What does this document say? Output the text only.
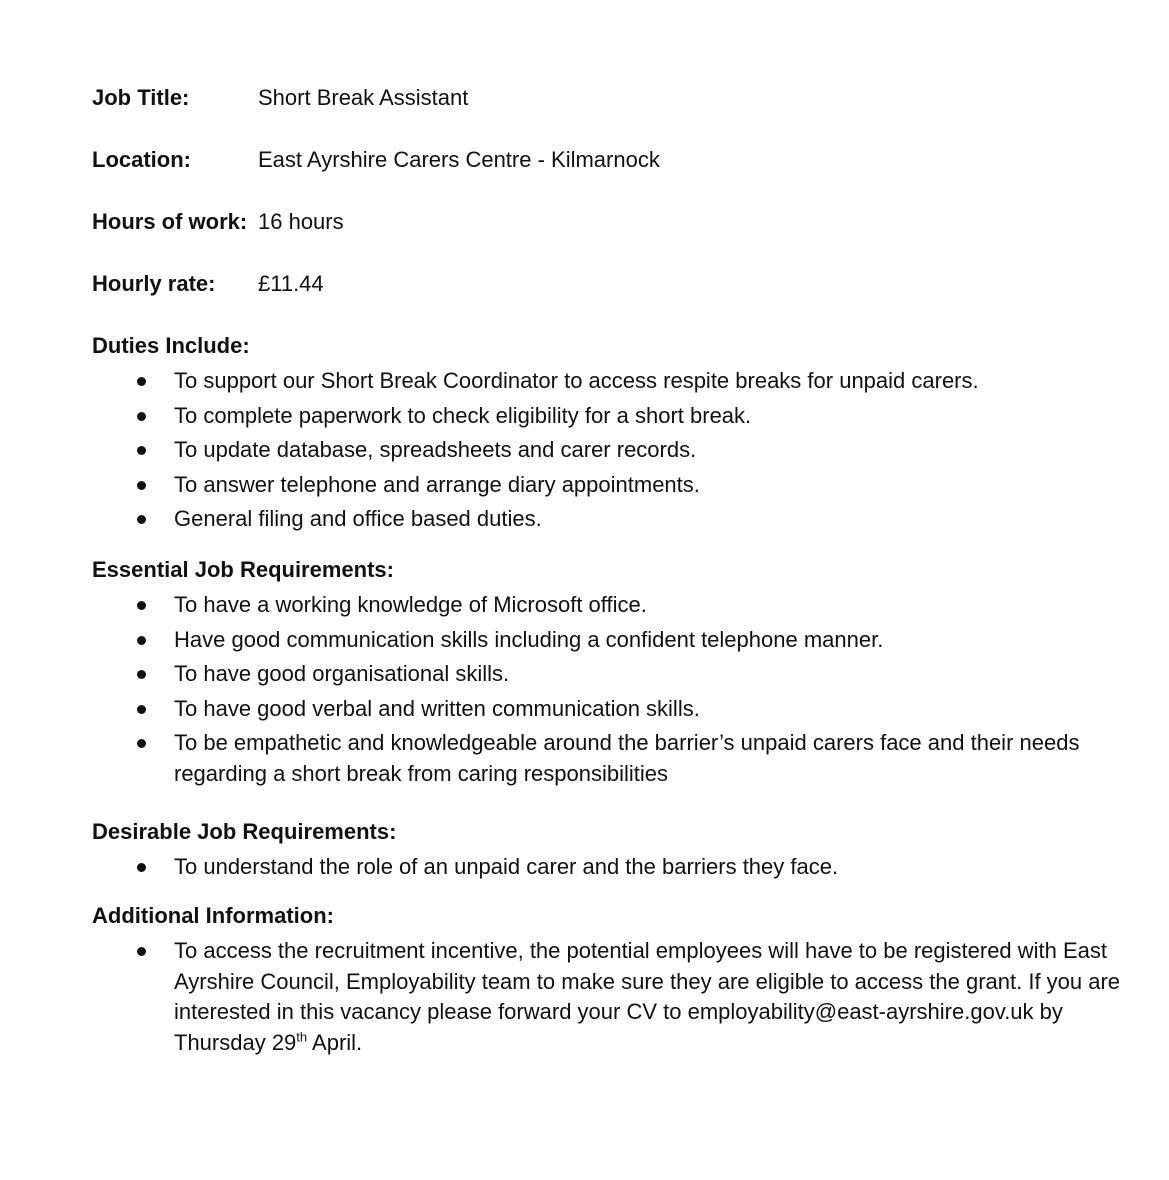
Job Title:	Short Break Assistant
Location:	East Ayrshire Carers Centre - Kilmarnock
Hours of work: 16 hours
Hourly rate:	£11.44
Duties Include:
To support our Short Break Coordinator to access respite breaks for unpaid carers.
To complete paperwork to check eligibility for a short break.
To update database, spreadsheets and carer records.
To answer telephone and arrange diary appointments.
General filing and office based duties.
Essential Job Requirements:
To have a working knowledge of Microsoft office.
Have good communication skills including a confident telephone manner.
To have good organisational skills.
To have good verbal and written communication skills.
To be empathetic and knowledgeable around the barrier’s unpaid carers face and their needs regarding a short break from caring responsibilities
Desirable Job Requirements:
To understand the role of an unpaid carer and the barriers they face.
Additional Information:
To access the recruitment incentive, the potential employees will have to be registered with East Ayrshire Council, Employability team to make sure they are eligible to access the grant. If you are interested in this vacancy please forward your CV to employability@east-ayrshire.gov.uk by Thursday 29th April.
